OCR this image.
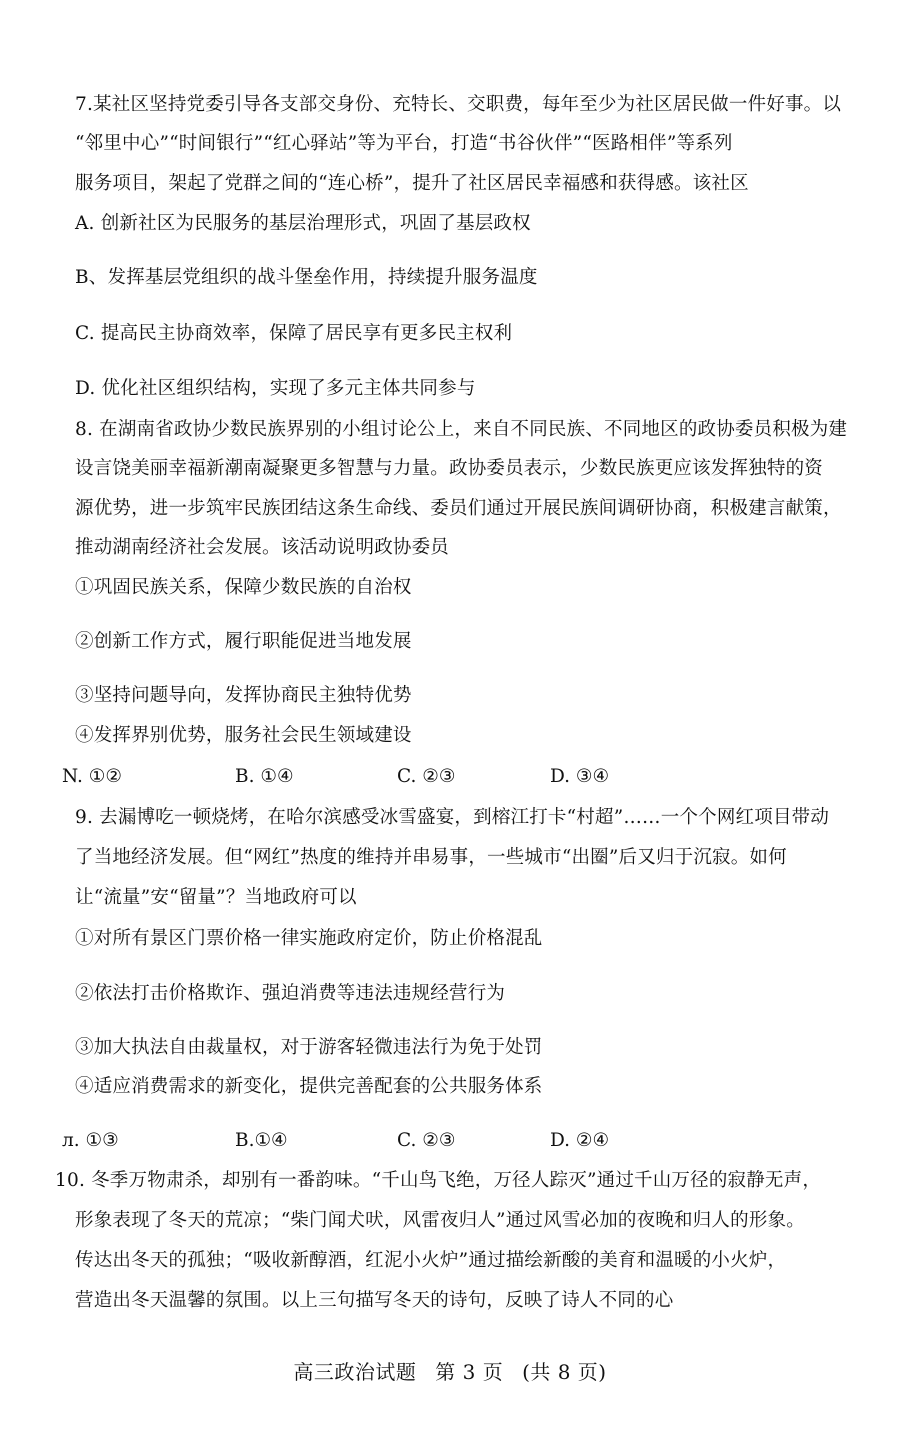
7.某社区坚持党委引导各支部交身份、充特长、交职费，每年至少为社区居民做一件好事。以
“邻里中心”“时间银行”“红心驿站”等为平台，打造“书谷伙伴”“医路相伴”等系列
服务项目，架起了党群之间的“连心桥”，提升了社区居民幸福感和获得感。该社区
A. 创新社区为民服务的基层治理形式，巩固了基层政权
B、发挥基层党组织的战斗堡垒作用，持续提升服务温度
C. 提高民主协商效率，保障了居民享有更多民主权利
D. 优化社区组织结构，实现了多元主体共同参与
8. 在湖南省政协少数民族界别的小组讨论公上，来自不同民族、不同地区的政协委员积极为建
设言饶美丽幸福新潮南凝聚更多智慧与力量。政协委员表示，少数民族更应该发挥独特的资
源优势，进一步筑牢民族团结这条生命线、委员们通过开展民族间调研协商，积极建言献策，
推动湖南经济社会发展。该活动说明政协委员
①巩固民族关系，保障少数民族的自治权
②创新工作方式，履行职能促进当地发展
③坚持问题导向，发挥协商民主独特优势
④发挥界别优势，服务社会民生领域建设
N. ①②	B. ①④	C. ②③	D. ③④
9. 去漏博吃一顿烧烤，在哈尔滨感受冰雪盛宴，到榕江打卡“村超”……一个个网红项目带动
了当地经济发展。但“网红”热度的维持并串易事，一些城市“出圈”后又归于沉寂。如何
让“流量”安“留量”？当地政府可以
①对所有景区门票价格一律实施政府定价，防止价格混乱
②依法打击价格欺诈、强迫消费等违法违规经营行为
③加大执法自由裁量权，对于游客轻微违法行为免于处罚
④适应消费需求的新变化，提供完善配套的公共服务体系
л. ①③	B.①④	C. ②③	D. ②④
10. 冬季万物肃杀，却别有一番韵味。“千山鸟飞绝，万径人踪灭”通过千山万径的寂静无声，
形象表现了冬天的荒凉；“柴门闻犬吠，风雷夜归人”通过风雪必加的夜晚和归人的形象。
传达出冬天的孤独；“吸收新醇酒，红泥小火炉”通过描绘新酸的美育和温暖的小火炉，
营造出冬天温馨的氛围。以上三句描写冬天的诗句，反映了诗人不同的心
高三政治试题 第 3 页 (共 8 页)
